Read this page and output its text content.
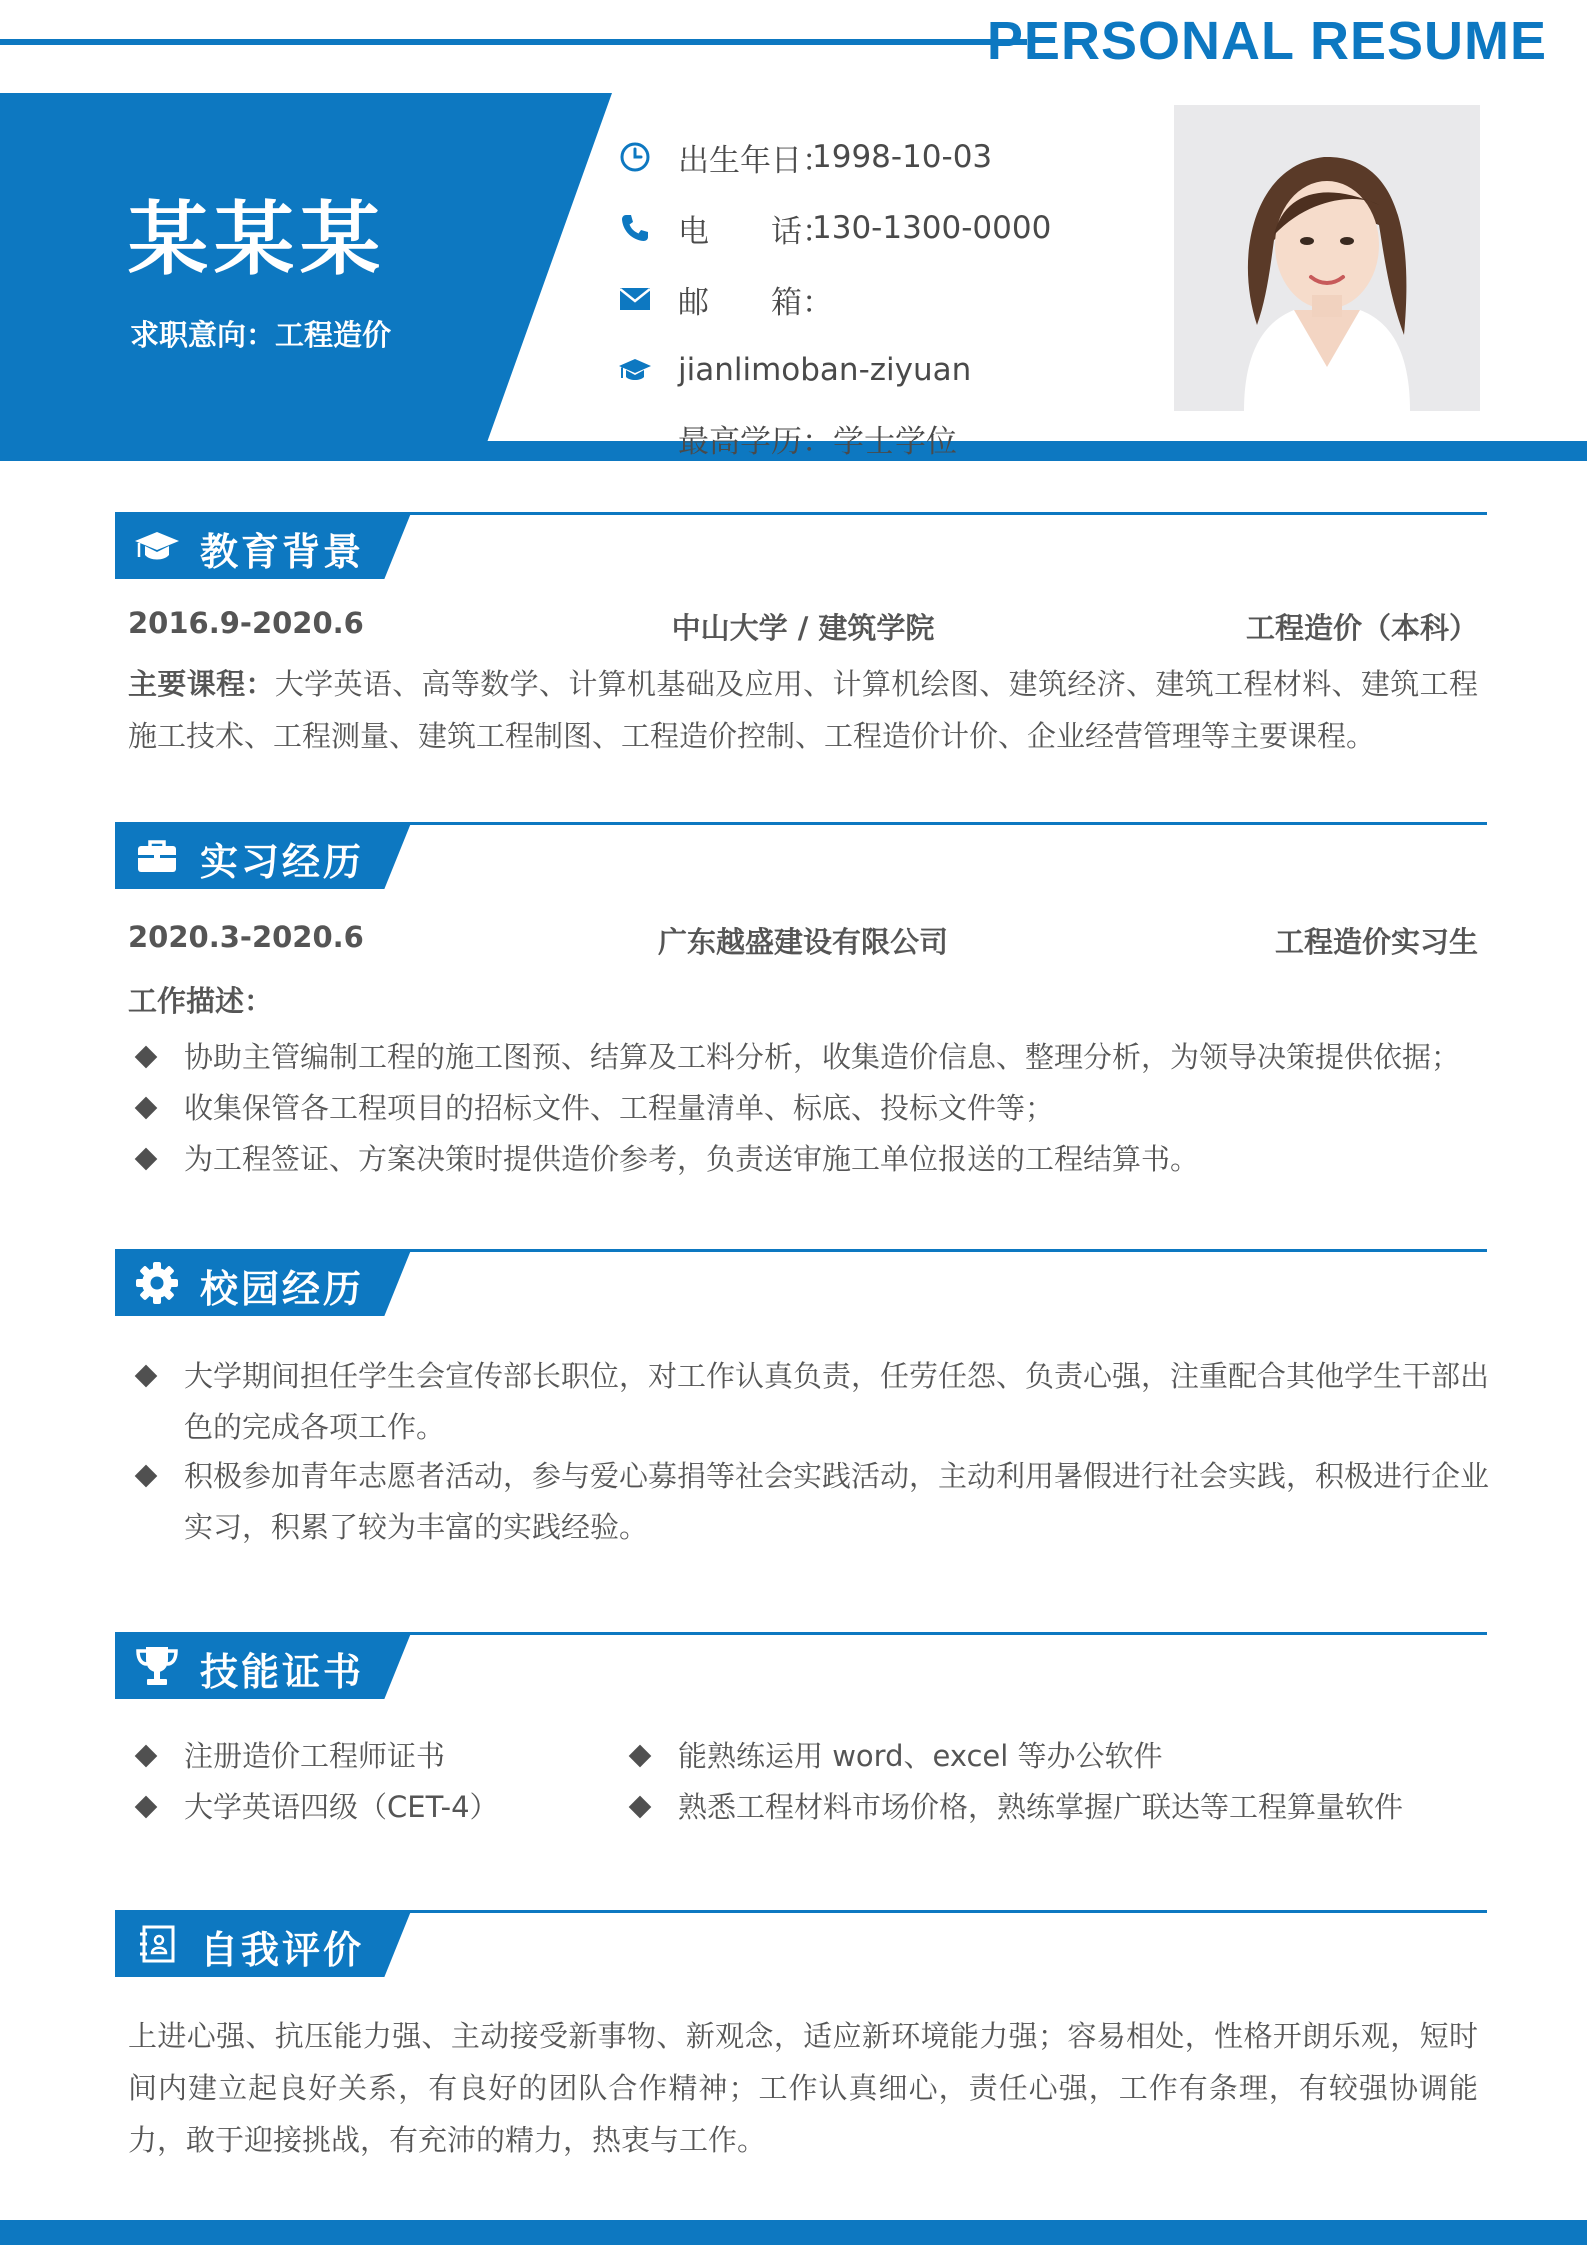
PERSONAL RESUME
某某某
求职意向：工程造价
出生年日：
1998-10-03
电　　话：
130-1300-0000
邮　　箱：
jianlimoban-ziyuan
最高学历：学士学位
教育背景
2016.9-2020.6	中山大学 / 建筑学院	工程造价（本科）
主要课程：大学英语、高等数学、计算机基础及应用、计算机绘图、建筑经济、建筑工程材料、建筑工程施工技术、工程测量、建筑工程制图、工程造价控制、工程造价计价、企业经营管理等主要课程。
实习经历
2020.3-2020.6	广东越盛建设有限公司	工程造价实习生
工作描述：
协助主管编制工程的施工图预、结算及工料分析，收集造价信息、整理分析，为领导决策提供依据；
收集保管各工程项目的招标文件、工程量清单、标底、投标文件等；
为工程签证、方案决策时提供造价参考，负责送审施工单位报送的工程结算书。
校园经历
大学期间担任学生会宣传部长职位，对工作认真负责，任劳任怨、负责心强，注重配合其他学生干部出色的完成各项工作。
积极参加青年志愿者活动，参与爱心募捐等社会实践活动，主动利用暑假进行社会实践，积极进行企业实习，积累了较为丰富的实践经验。
技能证书
注册造价工程师证书	能熟练运用 word、excel 等办公软件
大学英语四级（CET-4）	熟悉工程材料市场价格，熟练掌握广联达等工程算量软件
自我评价
上进心强、抗压能力强、主动接受新事物、新观念，适应新环境能力强；容易相处，性格开朗乐观，短时间内建立起良好关系，有良好的团队合作精神；工作认真细心，责任心强，工作有条理，有较强协调能力，敢于迎接挑战，有充沛的精力，热衷与工作。
